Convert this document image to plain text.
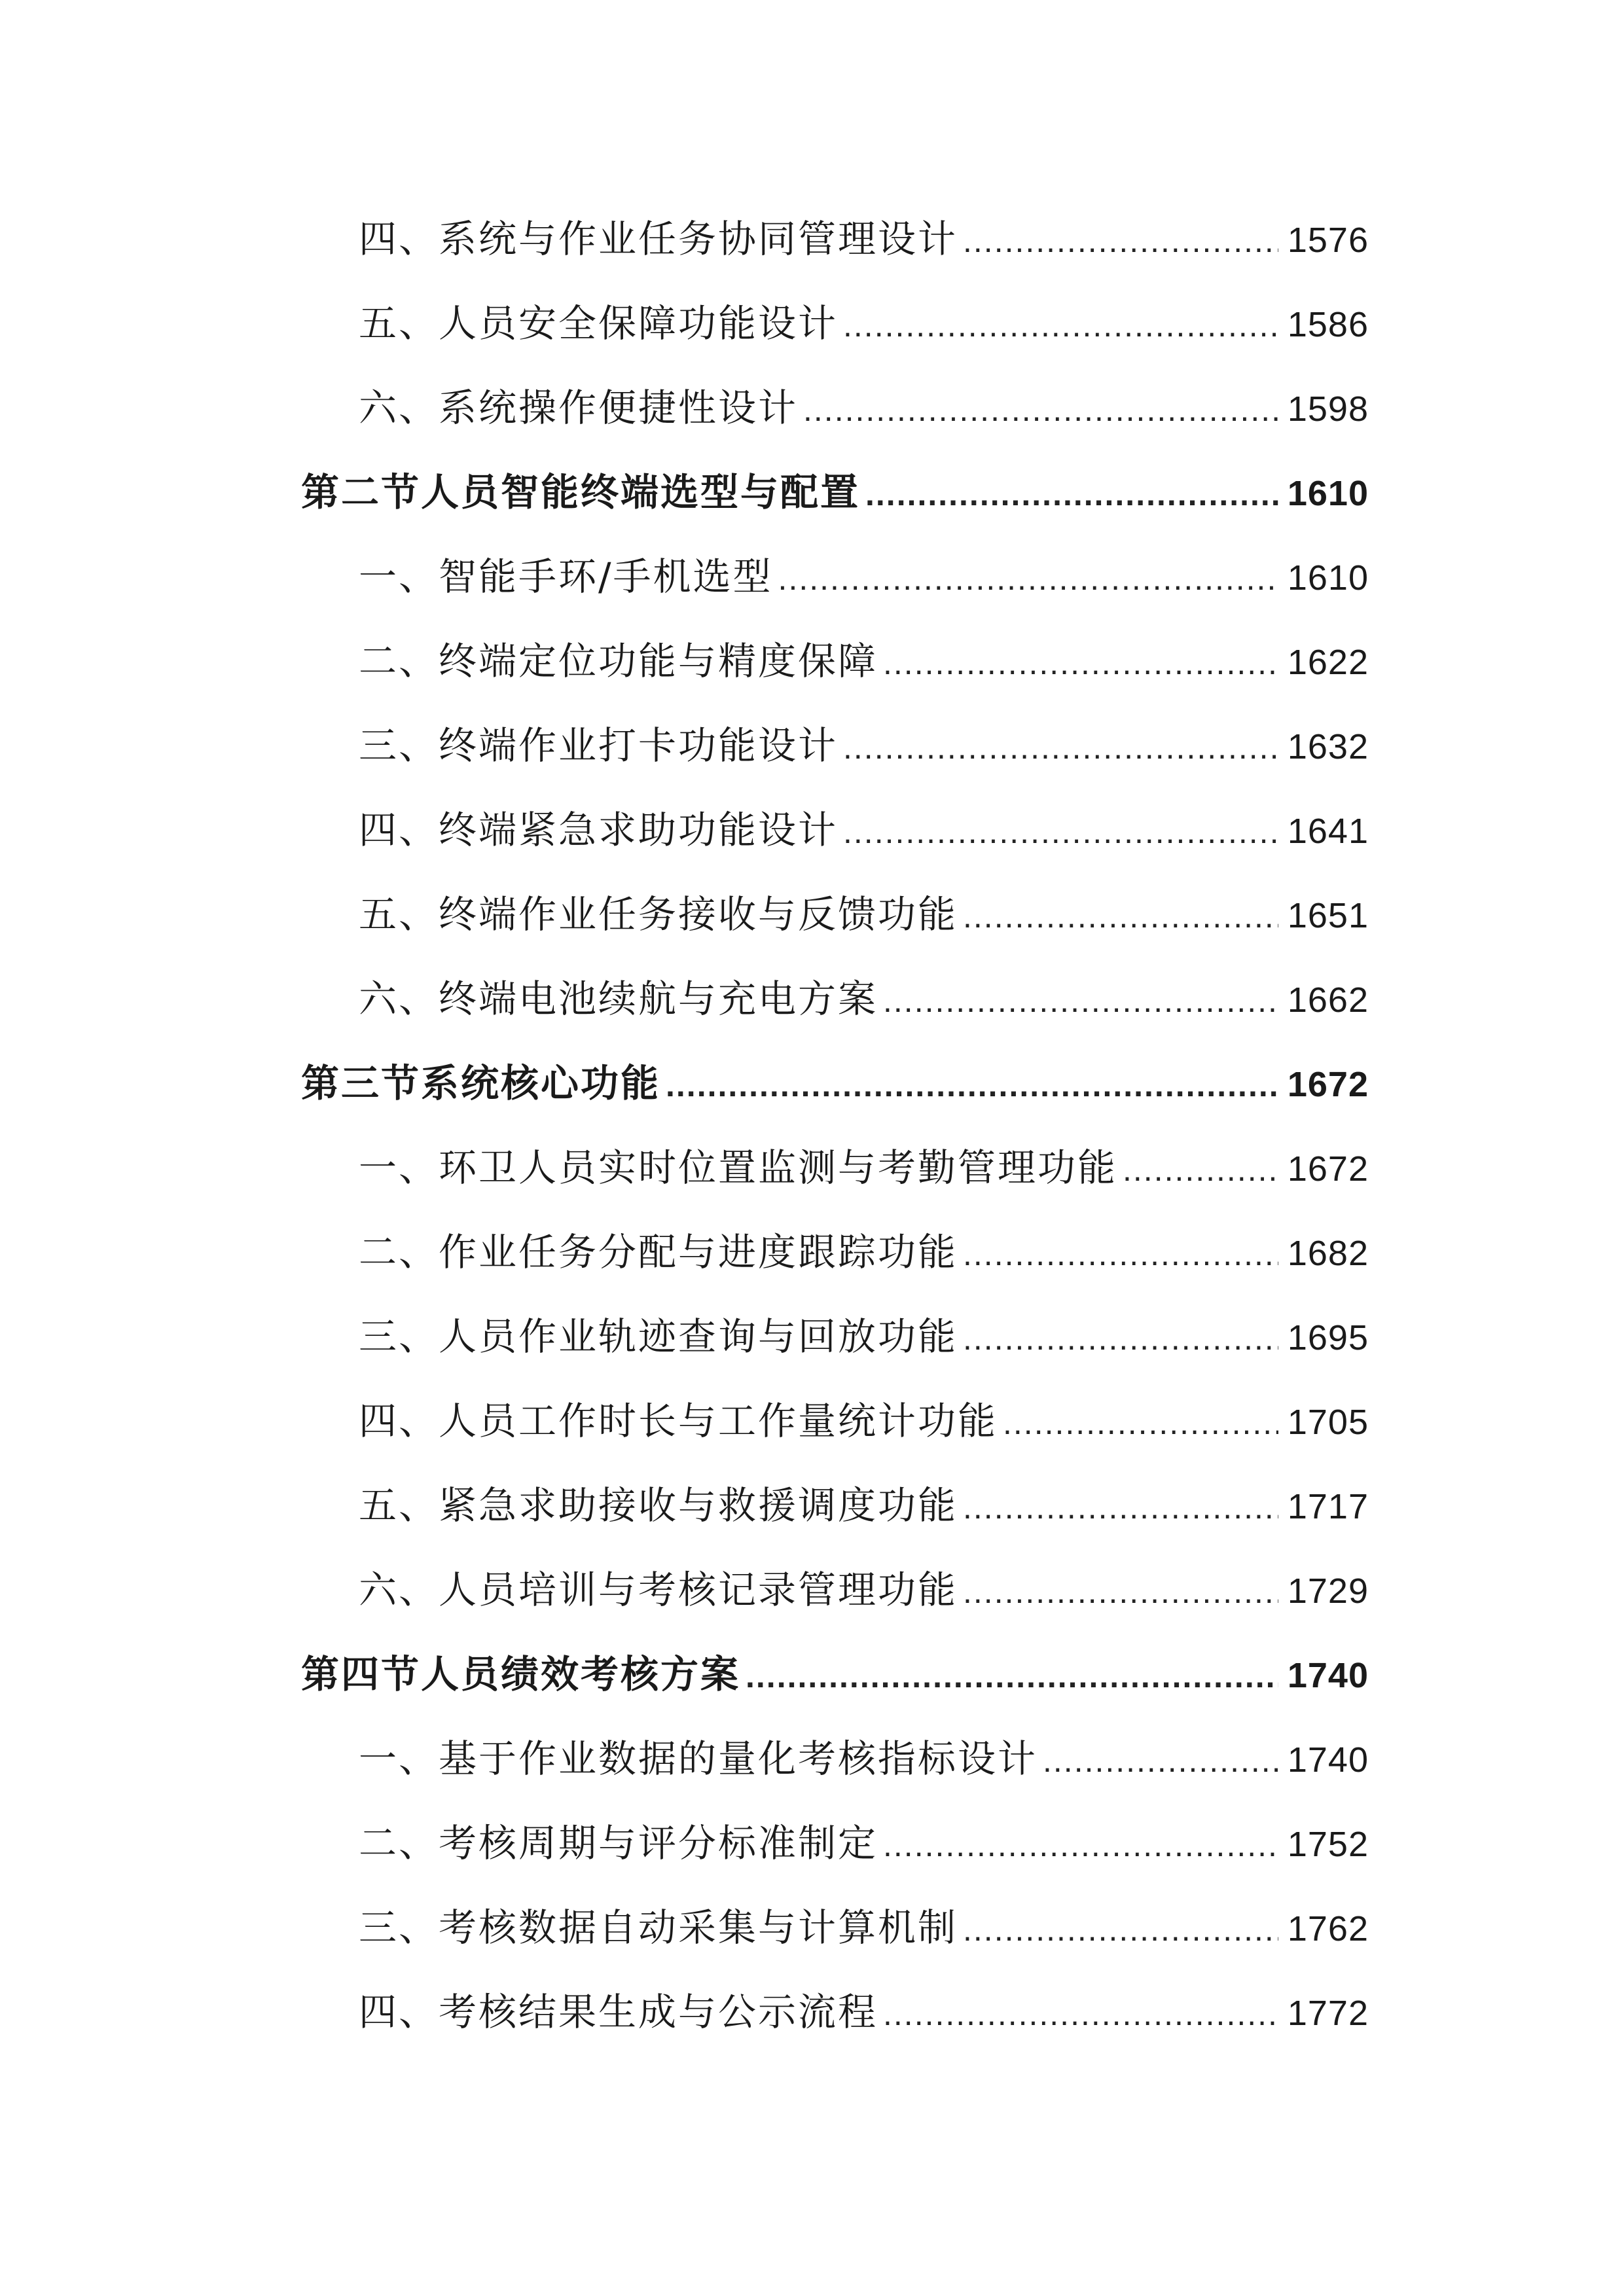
四、系统与作业任务协同管理设计 .....	1576
五、人员安全保障功能设计 .....	1586
六、系统操作便捷性设计 .....	1598
第二节人员智能终端选型与配置 .....	1610
一、智能手环/手机选型 .....	1610
二、终端定位功能与精度保障 .....	1622
三、终端作业打卡功能设计 .....	1632
四、终端紧急求助功能设计 .....	1641
五、终端作业任务接收与反馈功能 .....	1651
六、终端电池续航与充电方案 .....	1662
第三节系统核心功能 .....	1672
一、环卫人员实时位置监测与考勤管理功能 .....	1672
二、作业任务分配与进度跟踪功能 .....	1682
三、人员作业轨迹查询与回放功能 .....	1695
四、人员工作时长与工作量统计功能 .....	1705
五、紧急求助接收与救援调度功能 .....	1717
六、人员培训与考核记录管理功能 .....	1729
第四节人员绩效考核方案 .....	1740
一、基于作业数据的量化考核指标设计 .....	1740
二、考核周期与评分标准制定 .....	1752
三、考核数据自动采集与计算机制 .....	1762
四、考核结果生成与公示流程 .....	1772
